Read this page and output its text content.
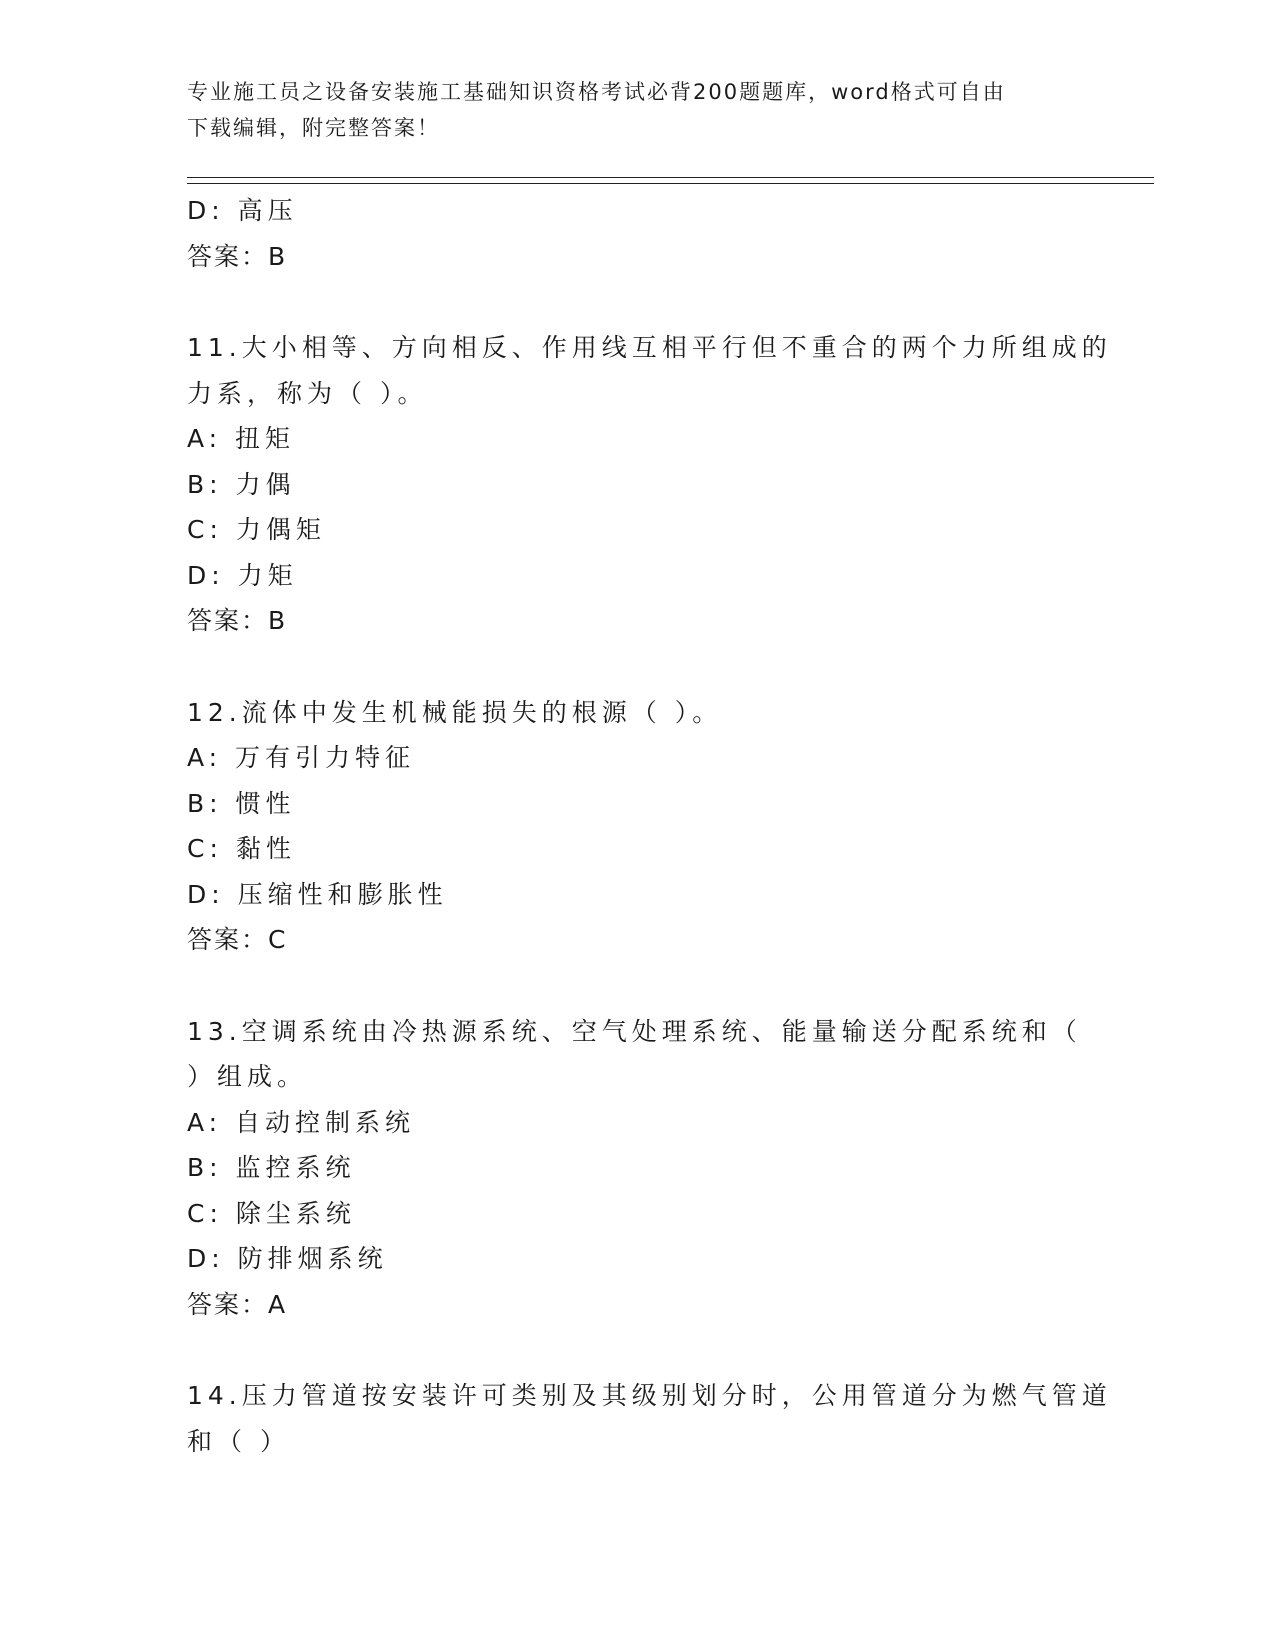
专业施工员之设备安装施工基础知识资格考试必背200题题库，word格式可自由
下载编辑，附完整答案！
D: 高压
答案：B
11.大小相等、方向相反、作用线互相平行但不重合的两个力所组成的
力系，称为（ ）。
A: 扭矩
B: 力偶
C: 力偶矩
D: 力矩
答案：B
12.流体中发生机械能损失的根源（ ）。
A: 万有引力特征
B: 惯性
C: 黏性
D: 压缩性和膨胀性
答案：C
13.空调系统由冷热源系统、空气处理系统、能量输送分配系统和（
）组成。
A: 自动控制系统
B: 监控系统
C: 除尘系统
D: 防排烟系统
答案：A
14.压力管道按安装许可类别及其级别划分时，公用管道分为燃气管道
和（ ）
